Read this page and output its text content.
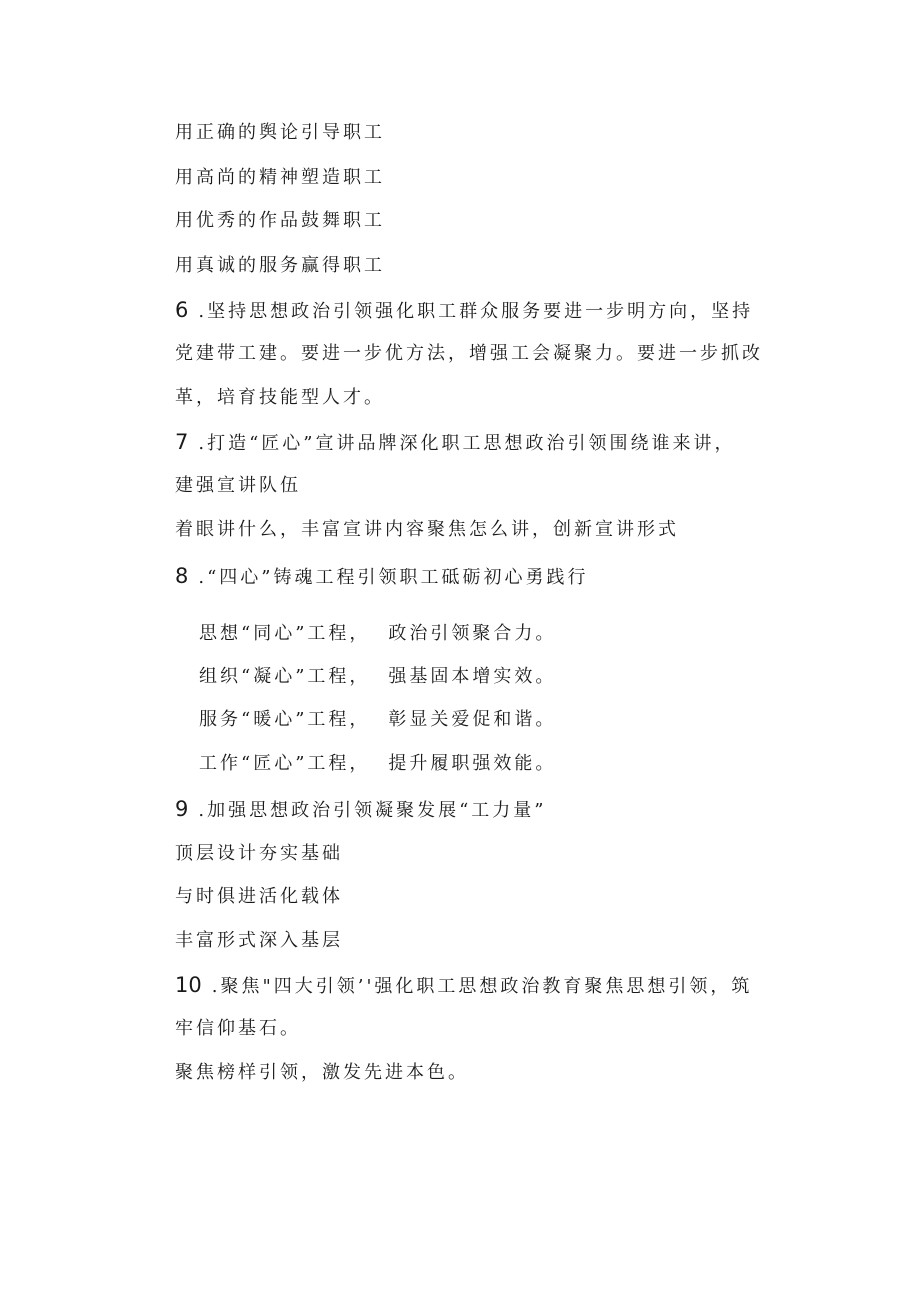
用正确的舆论引导职工
用高尚的精神塑造职工
用优秀的作品鼓舞职工
用真诚的服务赢得职工
6 .坚持思想政治引领强化职工群众服务要进一步明方向，坚持
党建带工建。要进一步优方法，增强工会凝聚力。要进一步抓改
革，培育技能型人才。
7 .打造“匠心”宣讲品牌深化职工思想政治引领围绕谁来讲，
建强宣讲队伍
着眼讲什么，丰富宣讲内容聚焦怎么讲，创新宣讲形式
8 .“四心”铸魂工程引领职工砥砺初心勇践行
思想“同心”工程， 政治引领聚合力。
组织“凝心”工程， 强基固本增实效。
服务“暖心”工程， 彰显关爱促和谐。
工作“匠心”工程， 提升履职强效能。
9 .加强思想政治引领凝聚发展“工力量”
顶层设计夯实基础
与时俱进活化载体
丰富形式深入基层
10 .聚焦"四大引领’'强化职工思想政治教育聚焦思想引领，筑
牢信仰基石。
聚焦榜样引领，激发先进本色。
